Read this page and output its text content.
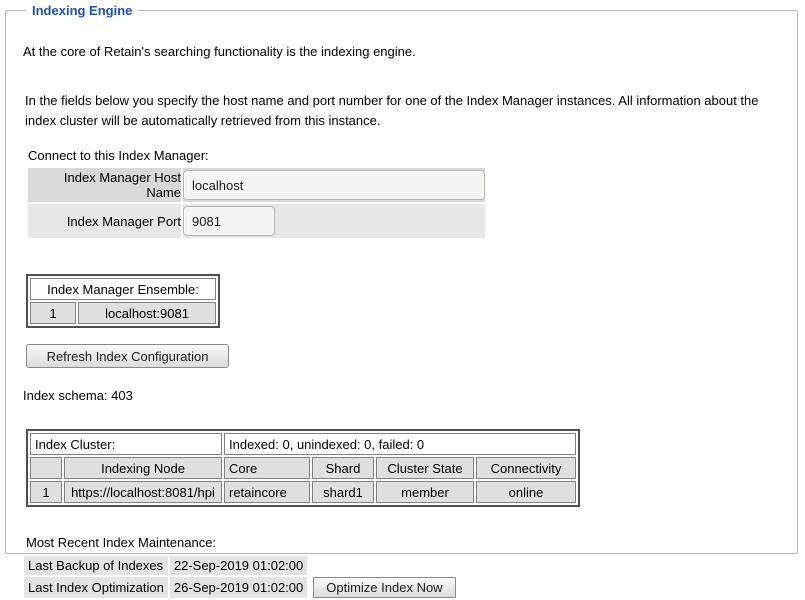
Indexing Engine
At the core of Retain's searching functionality is the indexing engine.
In the fields below you specify the host name and port number for one of the Index Manager instances. All information about the index cluster will be automatically retrieved from this instance.
Connect to this Index Manager:
Index Manager Host Name	localhost
Index Manager Port	9081
Index Manager Ensemble:
1	localhost:9081
Refresh Index Configuration
Index schema: 403
Index Cluster:		Indexed: 0, unindexed: 0, failed: 0			
	Indexing Node	Core	Shard	Cluster State	Connectivity
1	https://localhost:8081/hpi	retaincore	shard1	member	online
Most Recent Index Maintenance:
Last Backup of Indexes	22-Sep-2019 01:02:00	
Last Index Optimization	26-Sep-2019 01:02:00	Optimize Index Now
